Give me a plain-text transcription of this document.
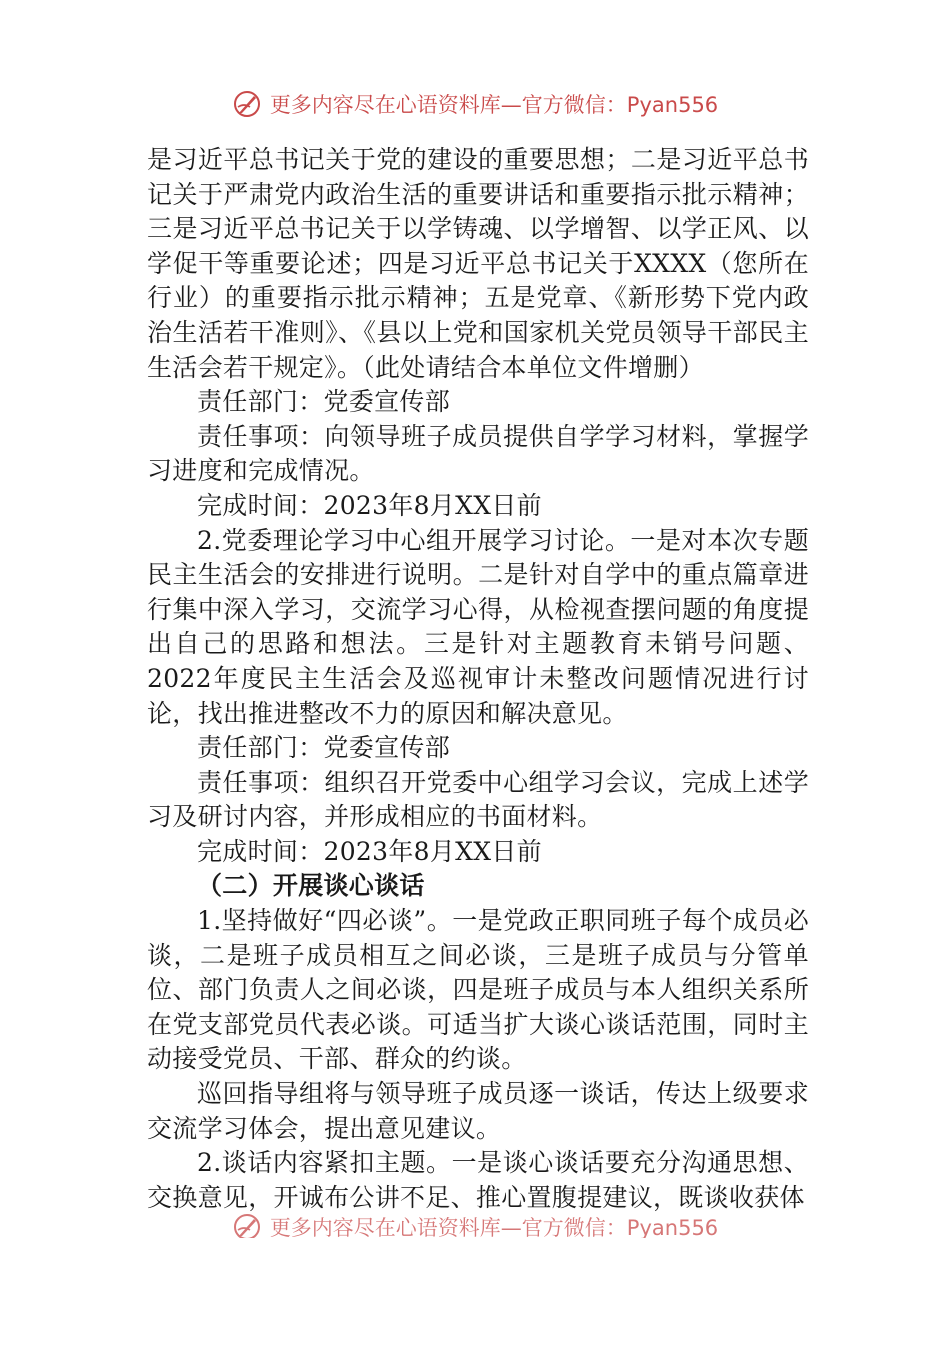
更多内容尽在心语资料库—官方微信：Pyan556

是习近平总书记关于党的建设的重要思想；二是习近平总书记关于严肃党内政治生活的重要讲话和重要指示批示精神；三是习近平总书记关于以学铸魂、以学增智、以学正风、以学促干等重要论述；四是习近平总书记关于XXXX（您所在行业）的重要指示批示精神；五是党章、《新形势下党内政治生活若干准则》、《县以上党和国家机关党员领导干部民主生活会若干规定》。（此处请结合本单位文件增删）

责任部门：党委宣传部

责任事项：向领导班子成员提供自学学习材料，掌握学习进度和完成情况。

完成时间：2023年8月XX日前

2.党委理论学习中心组开展学习讨论。一是对本次专题民主生活会的安排进行说明。二是针对自学中的重点篇章进行集中深入学习，交流学习心得，从检视查摆问题的角度提出自己的思路和想法。三是针对主题教育未销号问题、2022年度民主生活会及巡视审计未整改问题情况进行讨论，找出推进整改不力的原因和解决意见。

责任部门：党委宣传部

责任事项：组织召开党委中心组学习会议，完成上述学习及研讨内容，并形成相应的书面材料。

完成时间：2023年8月XX日前

（二）开展谈心谈话

1.坚持做好“四必谈”。一是党政正职同班子每个成员必谈，二是班子成员相互之间必谈，三是班子成员与分管单位、部门负责人之间必谈，四是班子成员与本人组织关系所在党支部党员代表必谈。可适当扩大谈心谈话范围，同时主动接受党员、干部、群众的约谈。

巡回指导组将与领导班子成员逐一谈话，传达上级要求交流学习体会，提出意见建议。

2.谈话内容紧扣主题。一是谈心谈话要充分沟通思想、交换意见，开诚布公讲不足、推心置腹提建议，既谈收获体

更多内容尽在心语资料库—官方微信：Pyan556
